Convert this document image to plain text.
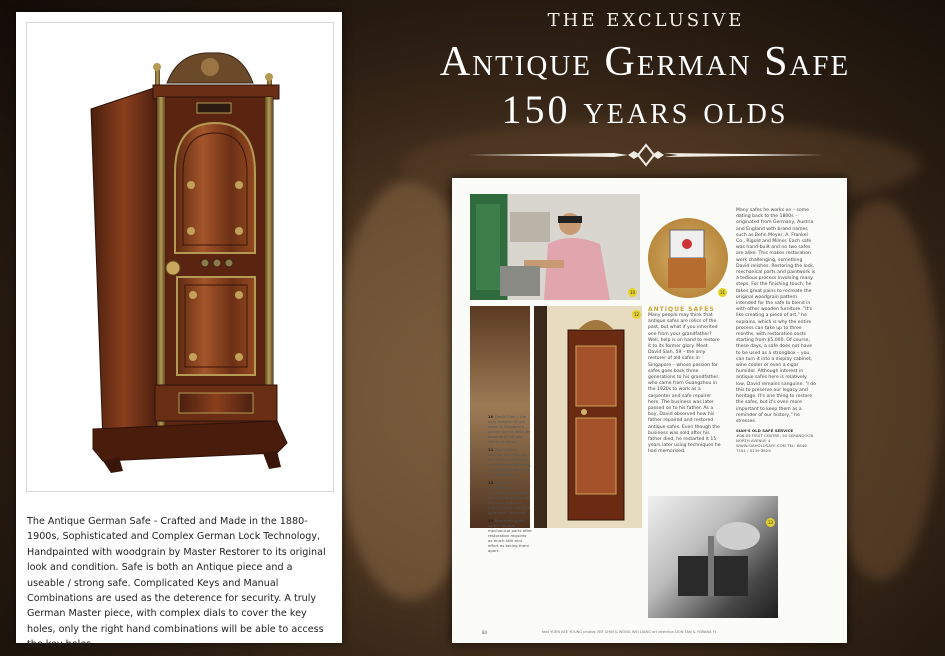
The Antique German Safe - Crafted and Made in the 1880-1900s, Sophisticated and Complex German Lock Technology, Handpainted with woodgrain by Master Restorer to its original look and condition. Safe is both an Antique piece and a useable / strong safe. Complicated Keys and Manual Combinations are used as the deterence for security. A truly German Master piece, with complex dials to cover the key holes, only the right hand combinations will be able to access the key holes.

THE EXCLUSIVE
Antique German Safe
150 years olds
10	11
12
13

10 David Siah – the only restorer of old safes in Singapore – picked up his skills by observing his late father at work.

11 The tedious process of restoring the safe's paintwork includes sandblasting, touching up, painting and varnishing.

12 David painstakingly recreated the original woodgrain pattern on this 125-year-old Julius Schuler antique safe from Germany.

13 Assembling the safe's various mechanical parts after restoration requires as much skill and effort as taking them apart.

ANTIQUE SAFES

Many people may think that antique safes are relics of the past, but what if you inherited one from your grandfather? Well, help is on hand to restore it to its former glory. Meet David Siah, 59 – the only restorer of old safes in Singapore – whose passion for safes goes back three generations to his grandfather, who came from Guangzhou in the 1920s to work as a carpenter and safe repairer here. The business was later passed on to his father. As a boy, David observed how his father repaired and restored antique safes. Even though the business was sold after his father died, he restarted it 15 years later using techniques he had memorised.

Many safes he works on – some dating back to the 1800s – originated from Germany, Austria and England with brand names such as Behn Meyer, A. Frankel Co., Rigold and Milner. Each safe was hand-built and no two safes are alike. This makes restoration work challenging, something David relishes. Restoring the lock, mechanical parts and paintwork is a tedious process involving many steps. For the finishing touch, he takes great pains to recreate the original woodgrain pattern intended for the safe to blend in with other wooden furniture. "It's like creating a piece of art," he explains, which is why the entire process can take up to three months, with restoration costs starting from $5,000. Of course, these days, a safe does not have to be used as a strongbox – you can turn it into a display cabinet, wine cooler or even a cigar humidor. Although interest in antique safes here is relatively low, David remains sanguine. "I do this to preserve our legacy and heritage. It's one thing to restore the safes, but it's even more important to keep them as a reminder of our history," he stresses.

SIAH'S OLD SAFE SERVICE

#06-09 FIRST CENTRE, 50 SERANGOON NORTH AVENUE 4 WWW.SIAHOLDSAFE.COM TEL: 6846 7161 / 9139 3829

84	text YUEN KEE YOUNG photos VEE CHIN & WONG WEI LIANG art direction DON TAN & YORANA FI
